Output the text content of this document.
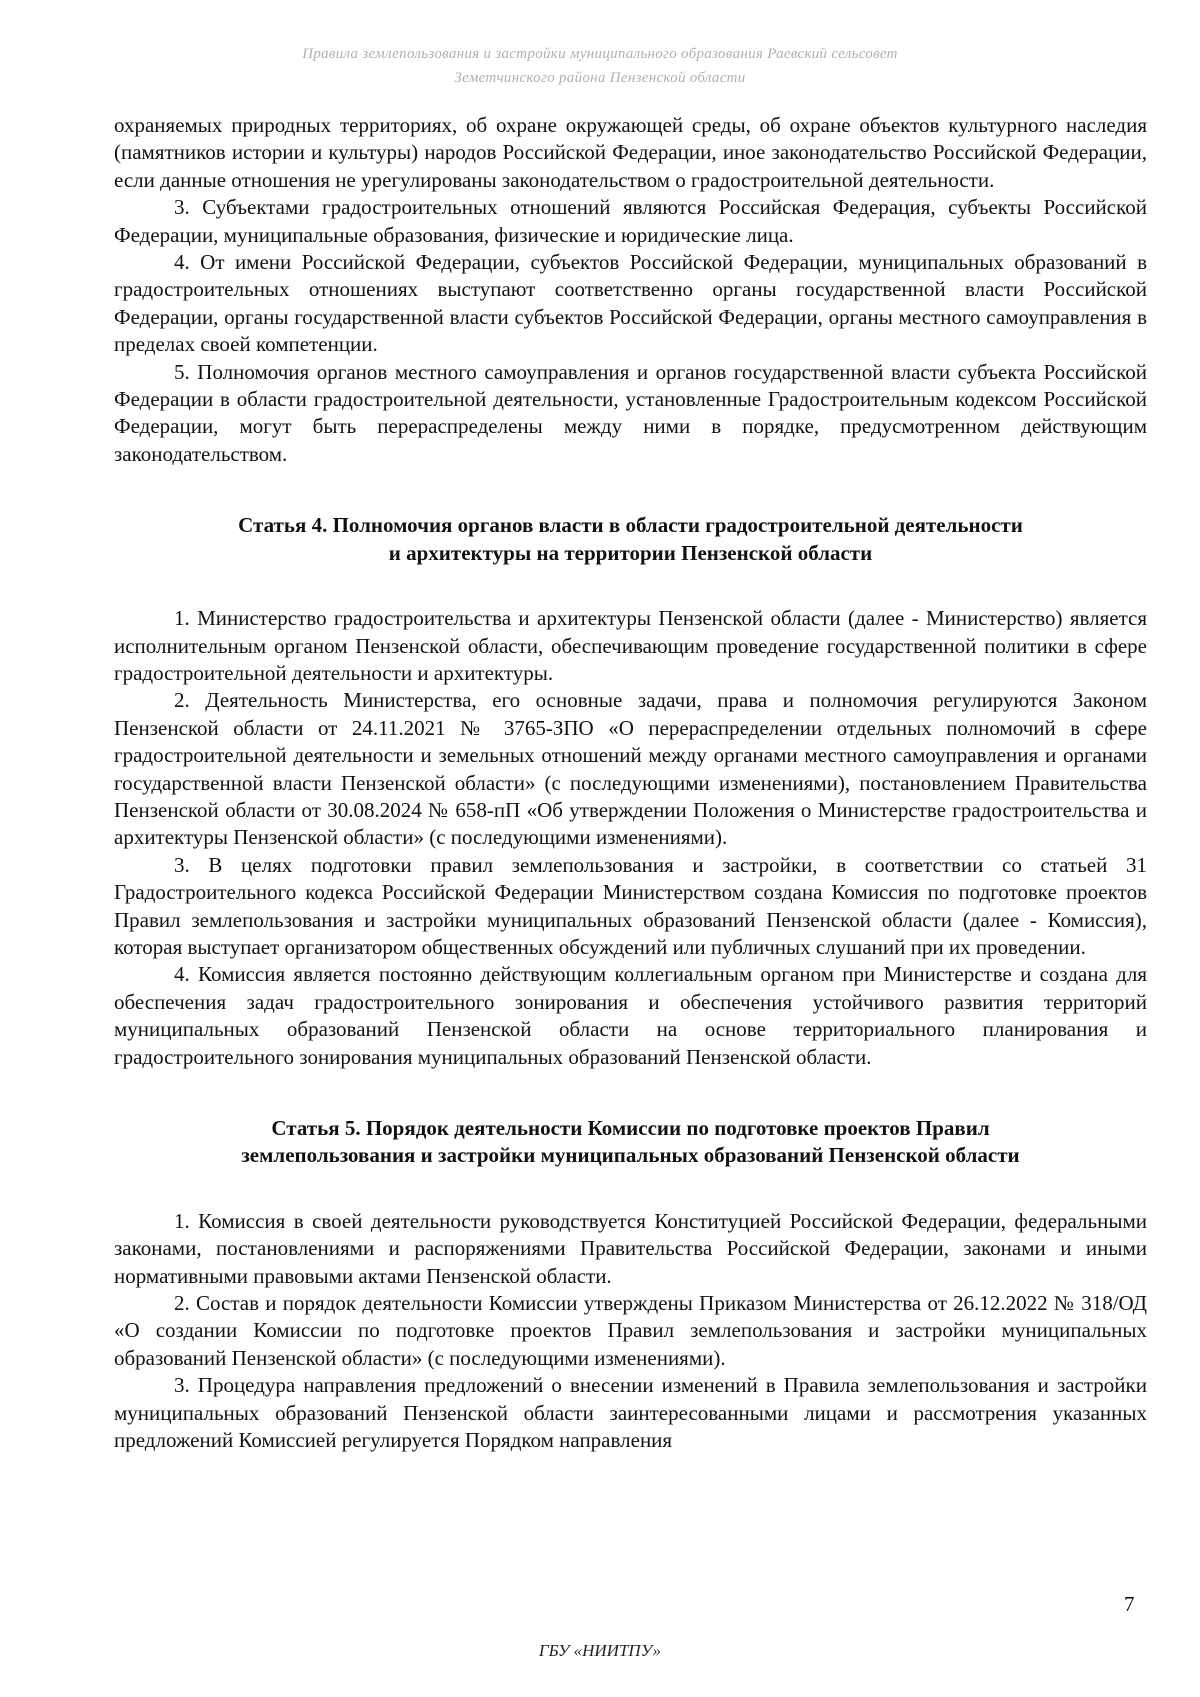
Правила землепользования и застройки муниципального образования Раевский сельсовет
Земетчинского района Пензенской области

охраняемых природных территориях, об охране окружающей среды, об охране объектов культурного наследия (памятников истории и культуры) народов Российской Федерации, иное законодательство Российской Федерации, если данные отношения не урегулированы законодательством о градостроительной деятельности.

3. Субъектами градостроительных отношений являются Российская Федерация, субъекты Российской Федерации, муниципальные образования, физические и юридические лица.

4. От имени Российской Федерации, субъектов Российской Федерации, муниципальных образований в градостроительных отношениях выступают соответственно органы государственной власти Российской Федерации, органы государственной власти субъектов Российской Федерации, органы местного самоуправления в пределах своей компетенции.

5. Полномочия органов местного самоуправления и органов государственной власти субъекта Российской Федерации в области градостроительной деятельности, установленные Градостроительным кодексом Российской Федерации, могут быть перераспределены между ними в порядке, предусмотренном действующим законодательством.

Статья 4. Полномочия органов власти в области градостроительной деятельности
и архитектуры на территории Пензенской области

1. Министерство градостроительства и архитектуры Пензенской области (далее - Министерство) является исполнительным органом Пензенской области, обеспечивающим проведение государственной политики в сфере градостроительной деятельности и архитектуры.

2. Деятельность Министерства, его основные задачи, права и полномочия регулируются Законом Пензенской области от 24.11.2021 № 3765-ЗПО «О перераспределении отдельных полномочий в сфере градостроительной деятельности и земельных отношений между органами местного самоуправления и органами государственной власти Пензенской области» (с последующими изменениями), постановлением Правительства Пензенской области от 30.08.2024 № 658-пП «Об утверждении Положения о Министерстве градостроительства и архитектуры Пензенской области» (с последующими изменениями).

3. В целях подготовки правил землепользования и застройки, в соответствии со статьей 31 Градостроительного кодекса Российской Федерации Министерством создана Комиссия по подготовке проектов Правил землепользования и застройки муниципальных образований Пензенской области (далее - Комиссия), которая выступает организатором общественных обсуждений или публичных слушаний при их проведении.

4. Комиссия является постоянно действующим коллегиальным органом при Министерстве и создана для обеспечения задач градостроительного зонирования и обеспечения устойчивого развития территорий муниципальных образований Пензенской области на основе территориального планирования и градостроительного зонирования муниципальных образований Пензенской области.

Статья 5. Порядок деятельности Комиссии по подготовке проектов Правил
землепользования и застройки муниципальных образований Пензенской области

1. Комиссия в своей деятельности руководствуется Конституцией Российской Федерации, федеральными законами, постановлениями и распоряжениями Правительства Российской Федерации, законами и иными нормативными правовыми актами Пензенской области.

2. Состав и порядок деятельности Комиссии утверждены Приказом Министерства от 26.12.2022 № 318/ОД «О создании Комиссии по подготовке проектов Правил землепользования и застройки муниципальных образований Пензенской области» (с последующими изменениями).

3. Процедура направления предложений о внесении изменений в Правила землепользования и застройки муниципальных образований Пензенской области заинтересованными лицами и рассмотрения указанных предложений Комиссией регулируется Порядком направления

7
ГБУ «НИИТПУ»
